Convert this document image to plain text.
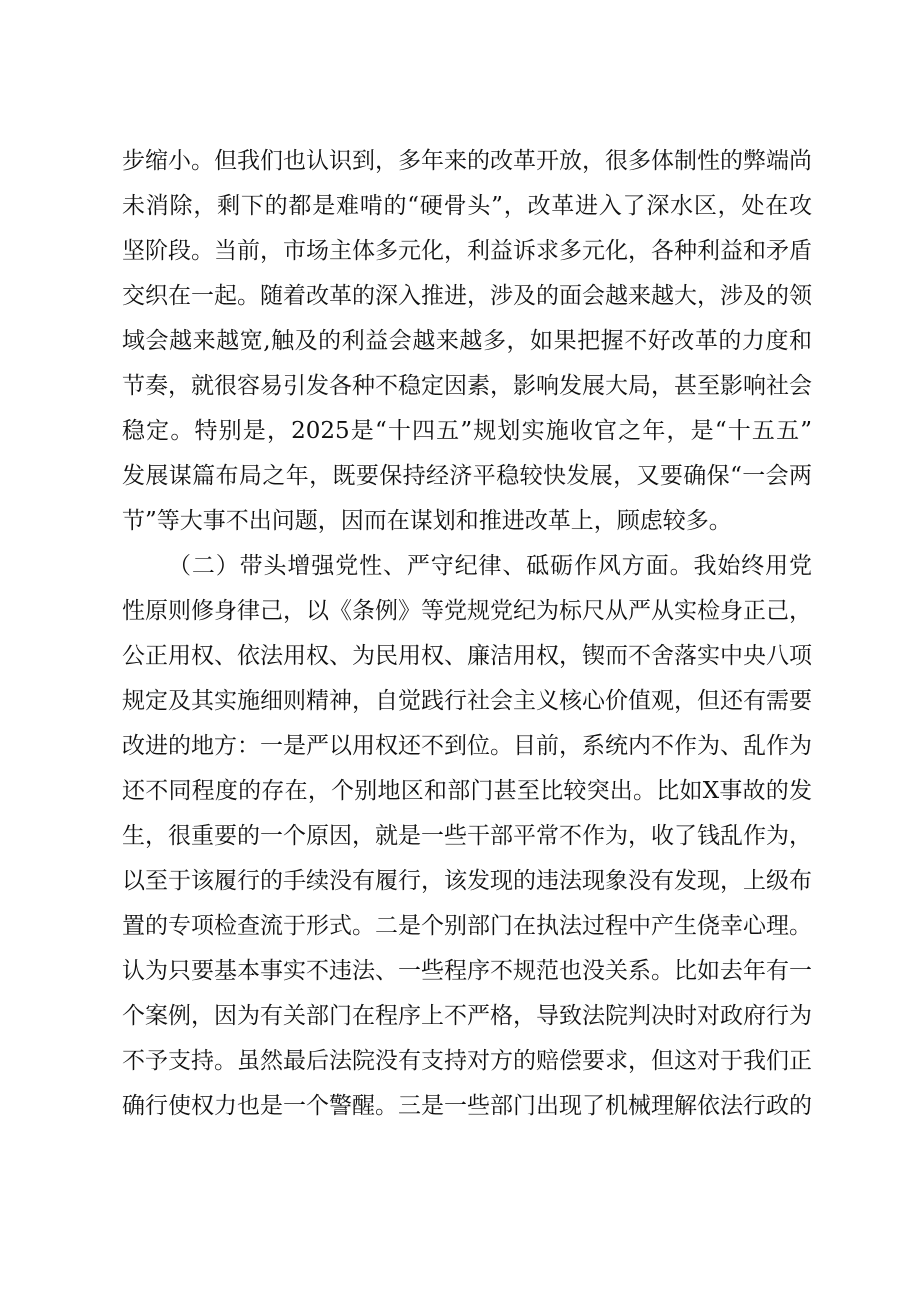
步缩小。但我们也认识到，多年来的改革开放，很多体制性的弊端尚
未消除，剩下的都是难啃的“硬骨头”，改革进入了深水区，处在攻
坚阶段。当前，市场主体多元化，利益诉求多元化，各种利益和矛盾
交织在一起。随着改革的深入推进，涉及的面会越来越大，涉及的领
域会越来越宽,触及的利益会越来越多，如果把握不好改革的力度和
节奏，就很容易引发各种不稳定因素，影响发展大局，甚至影响社会
稳定。特别是，2025是“十四五”规划实施收官之年，是“十五五”
发展谋篇布局之年，既要保持经济平稳较快发展，又要确保“一会两
节”等大事不出问题，因而在谋划和推进改革上，顾虑较多。
（二）带头增强党性、严守纪律、砥砺作风方面。我始终用党
性原则修身律己，以《条例》等党规党纪为标尺从严从实检身正己，
公正用权、依法用权、为民用权、廉洁用权，锲而不舍落实中央八项
规定及其实施细则精神，自觉践行社会主义核心价值观，但还有需要
改进的地方：一是严以用权还不到位。目前，系统内不作为、乱作为
还不同程度的存在，个别地区和部门甚至比较突出。比如X事故的发
生，很重要的一个原因，就是一些干部平常不作为，收了钱乱作为，
以至于该履行的手续没有履行，该发现的违法现象没有发现，上级布
置的专项检查流于形式。二是个别部门在执法过程中产生侥幸心理。
认为只要基本事实不违法、一些程序不规范也没关系。比如去年有一
个案例，因为有关部门在程序上不严格，导致法院判决时对政府行为
不予支持。虽然最后法院没有支持对方的赔偿要求，但这对于我们正
确行使权力也是一个警醒。三是一些部门出现了机械理解依法行政的
